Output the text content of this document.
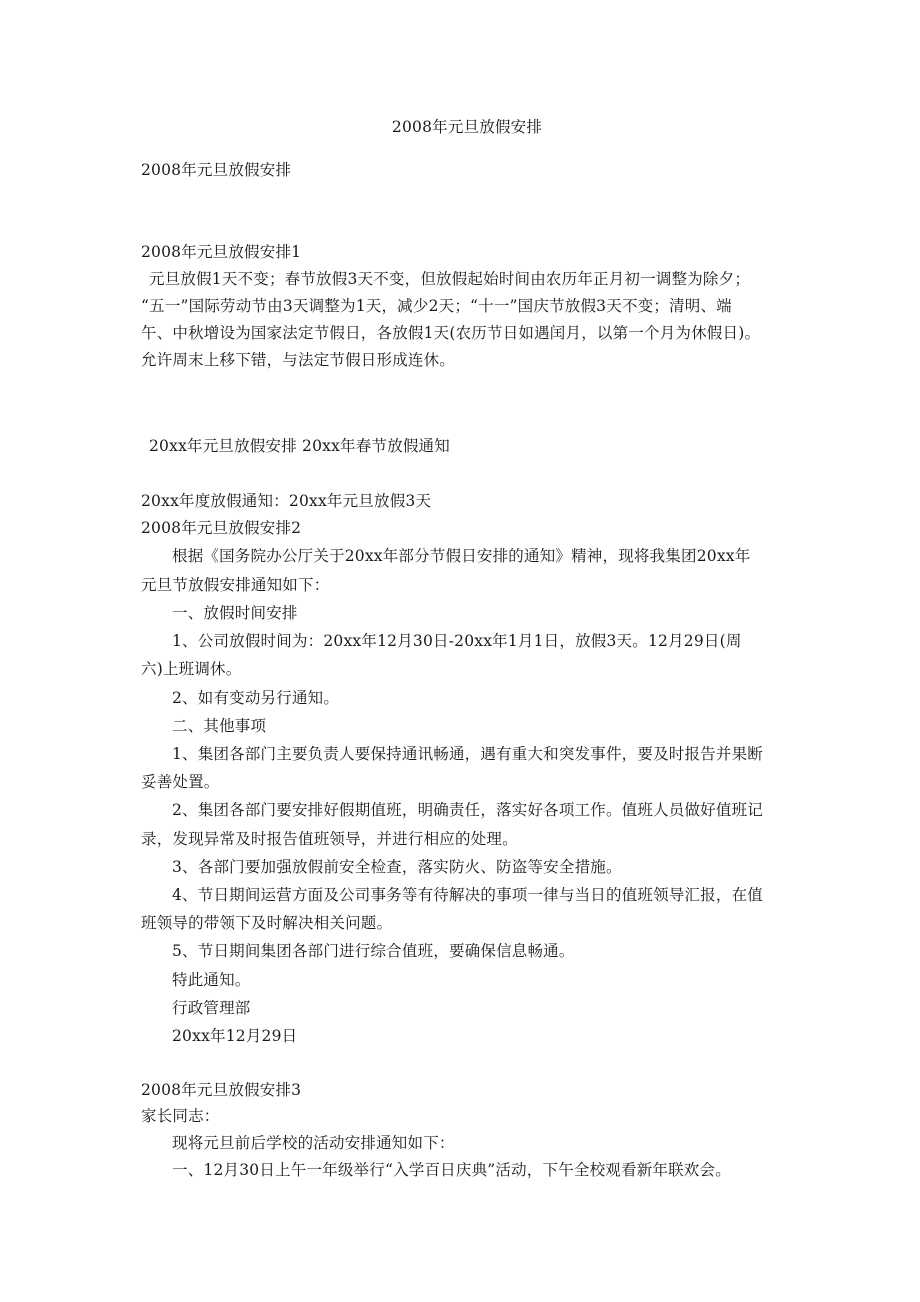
2008年元旦放假安排

2008年元旦放假安排

2008年元旦放假安排1

元旦放假1天不变；春节放假3天不变，但放假起始时间由农历年正月初一调整为除夕；

“五一”国际劳动节由3天调整为1天，减少2天；“十一”国庆节放假3天不变；清明、端

午、中秋增设为国家法定节假日，各放假1天(农历节日如遇闰月，以第一个月为休假日)。

允许周末上移下错，与法定节假日形成连休。

20xx年元旦放假安排 20xx年春节放假通知

20xx年度放假通知：20xx年元旦放假3天

2008年元旦放假安排2

根据《国务院办公厅关于20xx年部分节假日安排的通知》精神，现将我集团20xx年

元旦节放假安排通知如下：

一、放假时间安排

1、公司放假时间为：20xx年12月30日-20xx年1月1日，放假3天。12月29日(周

六)上班调休。

2、如有变动另行通知。

二、其他事项

1、集团各部门主要负责人要保持通讯畅通，遇有重大和突发事件，要及时报告并果断

妥善处置。

2、集团各部门要安排好假期值班，明确责任，落实好各项工作。值班人员做好值班记

录，发现异常及时报告值班领导，并进行相应的处理。

3、各部门要加强放假前安全检查，落实防火、防盗等安全措施。

4、节日期间运营方面及公司事务等有待解决的事项一律与当日的值班领导汇报，在值

班领导的带领下及时解决相关问题。

5、节日期间集团各部门进行综合值班，要确保信息畅通。

特此通知。

行政管理部

20xx年12月29日

2008年元旦放假安排3

家长同志：

现将元旦前后学校的活动安排通知如下：

一、12月30日上午一年级举行“入学百日庆典”活动，下午全校观看新年联欢会。
